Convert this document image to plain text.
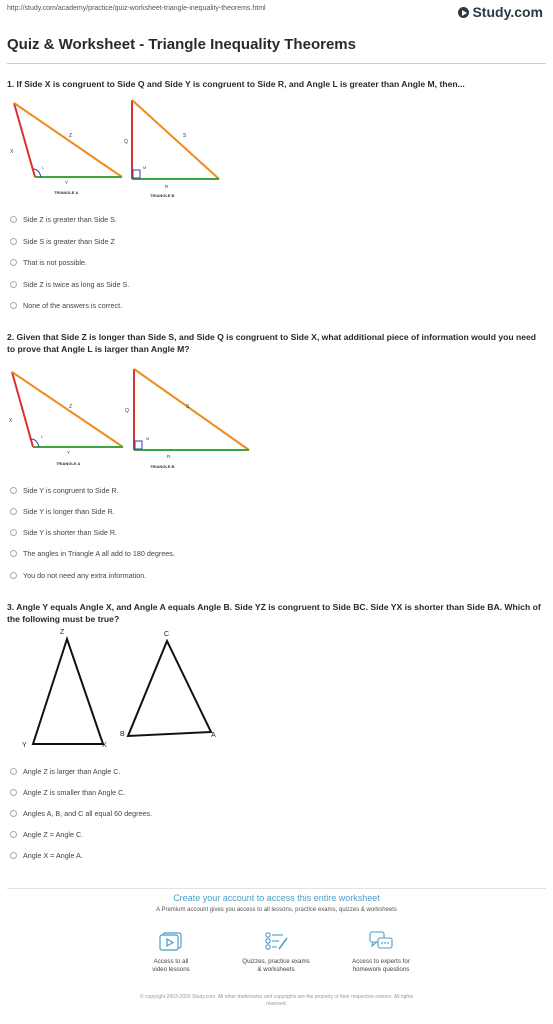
http://study.com/academy/practice/quiz-worksheet-triangle-inequality-theorems.html	Study.com
Quiz & Worksheet - Triangle Inequality Theorems
1. If Side X is congruent to Side Q and Side Y is congruent to Side R, and Angle L is greater than Angle M, then...
X
Z
L
Y
TRIANGLE A
Q
S
M
R
TRIANGLE B
Side Z is greater than Side S.
Side S is greater than Side Z
That is not possible.
Side Z is twice as long as Side S.
None of the answers is correct.
2. Given that Side Z is longer than Side S, and Side Q is congruent to Side X, what additional piece of information would you need to prove that Angle L is larger than Angle M?
X
Z
L
Y
TRIANGLE A
Q
S
M
R
TRIANGLE B
Side Y is congruent to Side R.
Side Y is longer than Side R.
Side Y is shorter than Side R.
The angles in Triangle A all add to 180 degrees.
You do not need any extra information.
3. Angle Y equals Angle X, and Angle A equals Angle B. Side YZ is congruent to Side BC. Side YX is shorter than Side BA. Which of the following must be true?
Z
Y	X
C
B	A
Angle Z is larger than Angle C.
Angle Z is smaller than Angle C.
Angles A, B, and C all equal 60 degrees.
Angle Z = Angle C.
Angle X = Angle A.
Create your account to access this entire worksheet
A Premium account gives you access to all lessons, practice exams, quizzes & worksheets
Access to all
video lessons
Quizzes, practice exams
& worksheets
Access to experts for
homework questions
© copyright 2003-2020 Study.com. All other trademarks and copyrights are the property of their respective owners. All rights
reserved.
